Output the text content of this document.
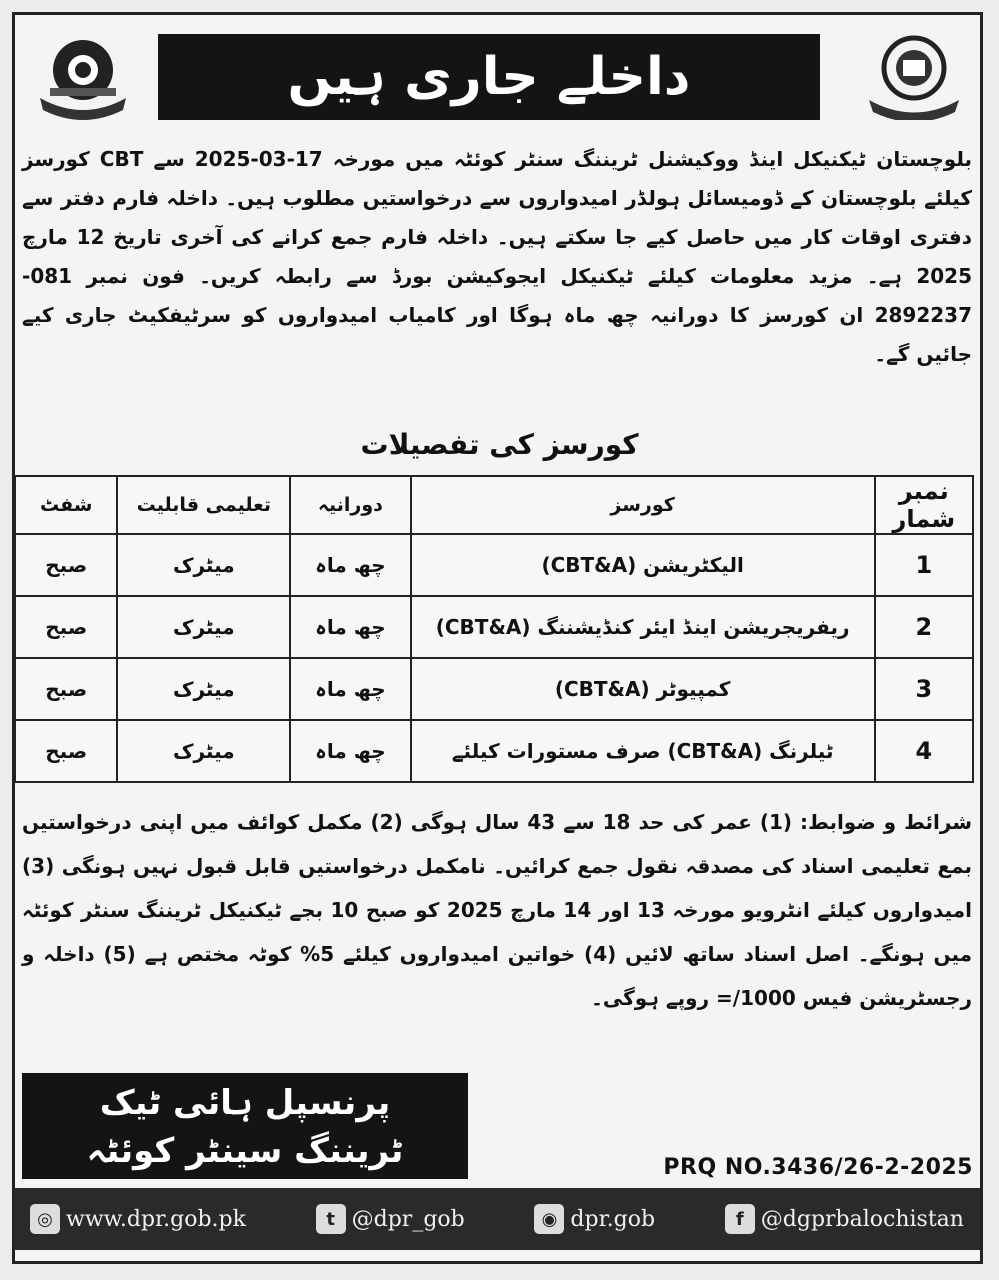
داخلے جاری ہیں
بلوچستان ٹیکنیکل اینڈ ووکیشنل ٹریننگ سنٹر کوئٹہ میں مورخہ 17-03-2025 سے CBT کورسز کیلئے بلوچستان کے ڈومیسائل ہولڈر امیدواروں سے درخواستیں مطلوب ہیں۔ داخلہ فارم دفتر سے دفتری اوقات کار میں حاصل کیے جا سکتے ہیں۔ داخلہ فارم جمع کرانے کی آخری تاریخ 12 مارچ 2025 ہے۔ مزید معلومات کیلئے ٹیکنیکل ایجوکیشن بورڈ سے رابطہ کریں۔ فون نمبر 081-2892237 ان کورسز کا دورانیہ چھ ماہ ہوگا اور کامیاب امیدواروں کو سرٹیفکیٹ جاری کیے جائیں گے۔
کورسز کی تفصیلات
نمبر شمار	کورسز	دورانیہ	تعلیمی قابلیت	شفٹ
1	الیکٹریشن (CBT&A)	چھ ماہ	میٹرک	صبح
2	ریفریجریشن اینڈ ایئر کنڈیشننگ (CBT&A)	چھ ماہ	میٹرک	صبح
3	کمپیوٹر (CBT&A)	چھ ماہ	میٹرک	صبح
4	ٹیلرنگ (CBT&A) صرف مستورات کیلئے	چھ ماہ	میٹرک	صبح
شرائط و ضوابط: (1) عمر کی حد 18 سے 43 سال ہوگی (2) مکمل کوائف میں اپنی درخواستیں بمع تعلیمی اسناد کی مصدقہ نقول جمع کرائیں۔ نامکمل درخواستیں قابل قبول نہیں ہونگی (3) امیدواروں کیلئے انٹرویو مورخہ 13 اور 14 مارچ 2025 کو صبح 10 بجے ٹیکنیکل ٹریننگ سنٹر کوئٹہ میں ہونگے۔ اصل اسناد ساتھ لائیں (4) خواتین امیدواروں کیلئے 5% کوٹہ مختص ہے (5) داخلہ و رجسٹریشن فیس 1000/= روپے ہوگی۔
پرنسپل ہائی ٹیک
ٹریننگ سینٹر کوئٹہ	PRQ NO.3436/26-2-2025
◎ www.dpr.gob.pk	t @dpr_gob	◉ dpr.gob	f @dgprbalochistan
